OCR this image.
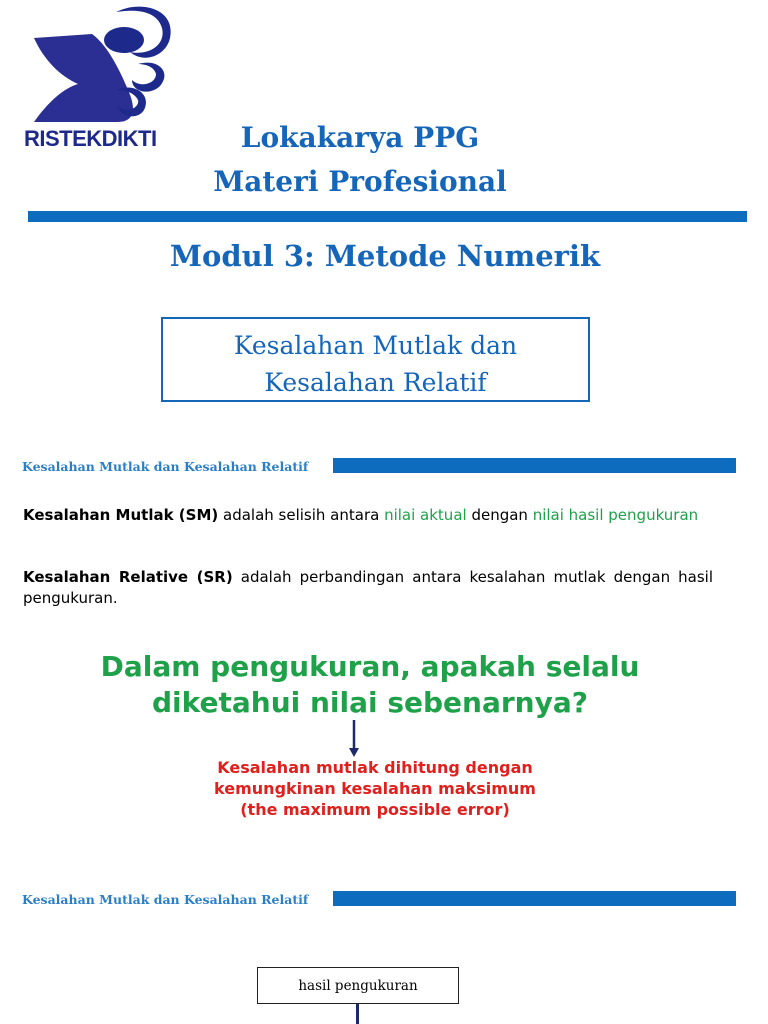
RISTEKDIKTI	Lokakarya PPG
Materi Profesional
Modul 3: Metode Numerik
Kesalahan Mutlak dan
Kesalahan Relatif
Kesalahan Mutlak dan Kesalahan Relatif
Kesalahan Mutlak (SM) adalah selisih antara nilai aktual dengan nilai hasil pengukuran
Kesalahan Relative (SR) adalah perbandingan antara kesalahan mutlak dengan hasil pengukuran.
Dalam pengukuran, apakah selalu
diketahui nilai sebenarnya?
Kesalahan mutlak dihitung dengan
kemungkinan kesalahan maksimum
(the maximum possible error)
Kesalahan Mutlak dan Kesalahan Relatif
hasil pengukuran
